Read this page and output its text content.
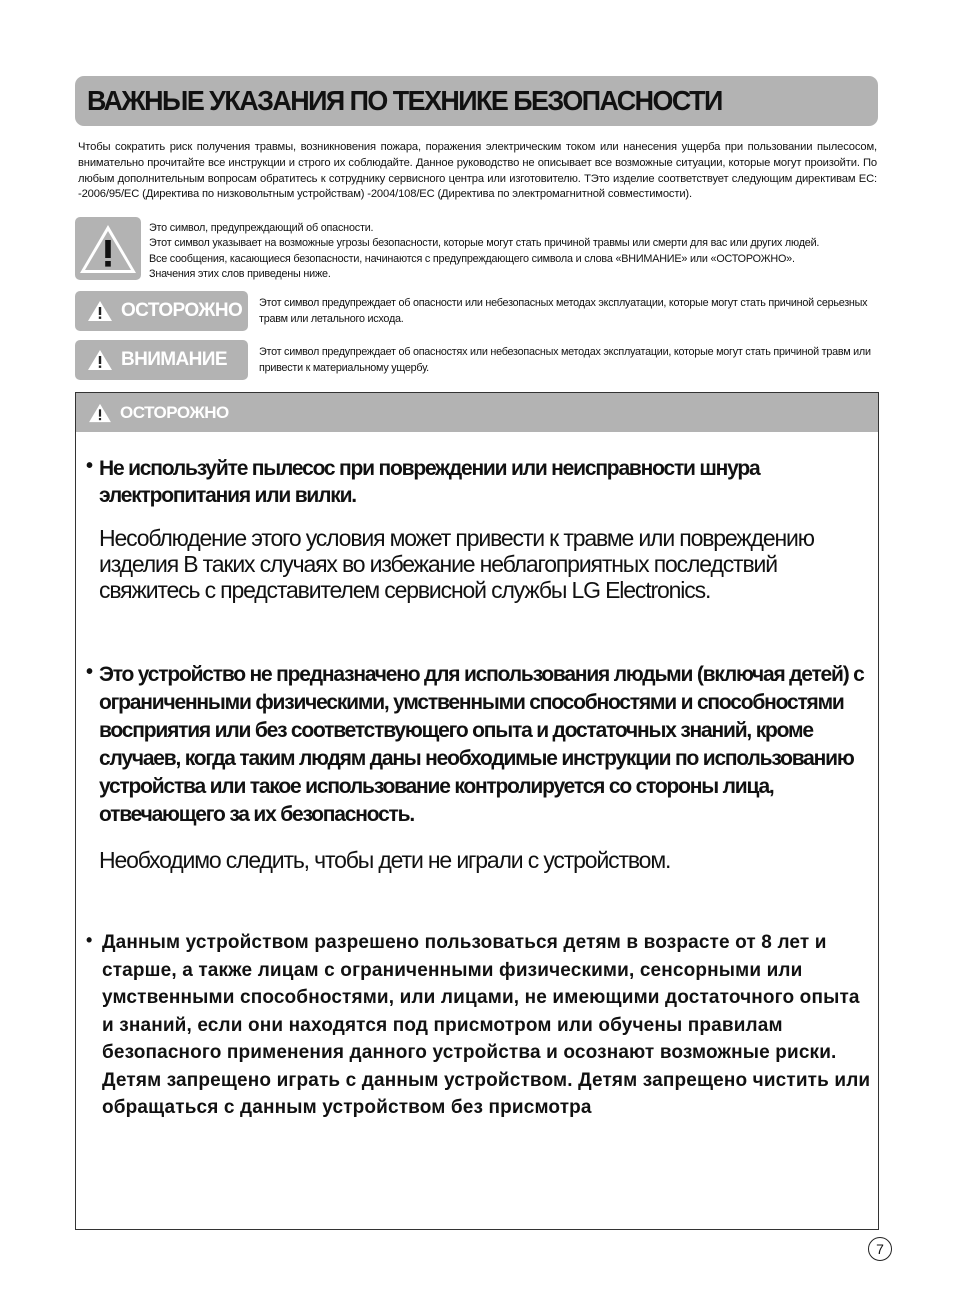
ВАЖНЫЕ УКАЗАНИЯ ПО ТЕХНИКЕ БЕЗОПАСНОСТИ

Чтобы сократить риск получения травмы, возникновения пожара, поражения электрическим током или нанесения ущерба при пользовании пылесосом, внимательно прочитайте все инструкции и строго их соблюдайте. Данное руководство не описывает все возможные ситуации, которые могут произойти. По любым дополнительным вопросам обратитесь к сотруднику сервисного центра или изготовителю. ТЭто изделие соответствует следующим директивам ЕС: -2006/95/ЕС (Директива по низковольтным устройствам) -2004/108/ЕС (Директива по электромагнитной совместимости).

Это символ, предупреждающий об опасности.
Этот символ указывает на возможные угрозы безопасности, которые могут стать причиной травмы или смерти для вас или других людей.
Все сообщения, касающиеся безопасности, начинаются с предупреждающего символа и слова «ВНИМАНИЕ» или «ОСТОРОЖНО».
Значения этих слов приведены ниже.
ОСТОРОЖНО Этот символ предупреждает об опасности или небезопасных методах эксплуатации, которые могут стать причиной серьезных травм или летального исхода.

ВНИМАНИЕ	Этот символ предупреждает об опасностях или небезопасных методах эксплуатации, которые могут стать причиной травм или привести к материальному ущербу.

ОСТОРОЖНО
• Не используйте пылесос при повреждении или неисправности шнура электропитания или вилки.

Несоблюдение этого условия может привести к травме или повреждению изделия В таких случаях во избежание неблагоприятных последствий свяжитесь с представителем сервисной службы LG Electronics.

• Это устройство не предназначено для использования людьми (включая детей) с ограниченными физическими, умственными способностями и способностями восприятия или без соответствующего опыта и достаточных знаний, кроме случаев, когда таким людям даны необходимые инструкции по использованию устройства или такое использование контролируется со стороны лица, отвечающего за их безопасность.

Необходимо следить, чтобы дети не играли с устройством.

• Данным устройством разрешено пользоваться детям в возрасте от 8 лет и старше, а также лицам с ограниченными физическими, сенсорными или умственными способностями, или лицами, не имеющими достаточного опыта и знаний, если они находятся под присмотром или обучены правилам безопасного применения данного устройства и осознают возможные риски. Детям запрещено играть с данным устройством. Детям запрещено чистить или обращаться с данным устройством без присмотра

7
